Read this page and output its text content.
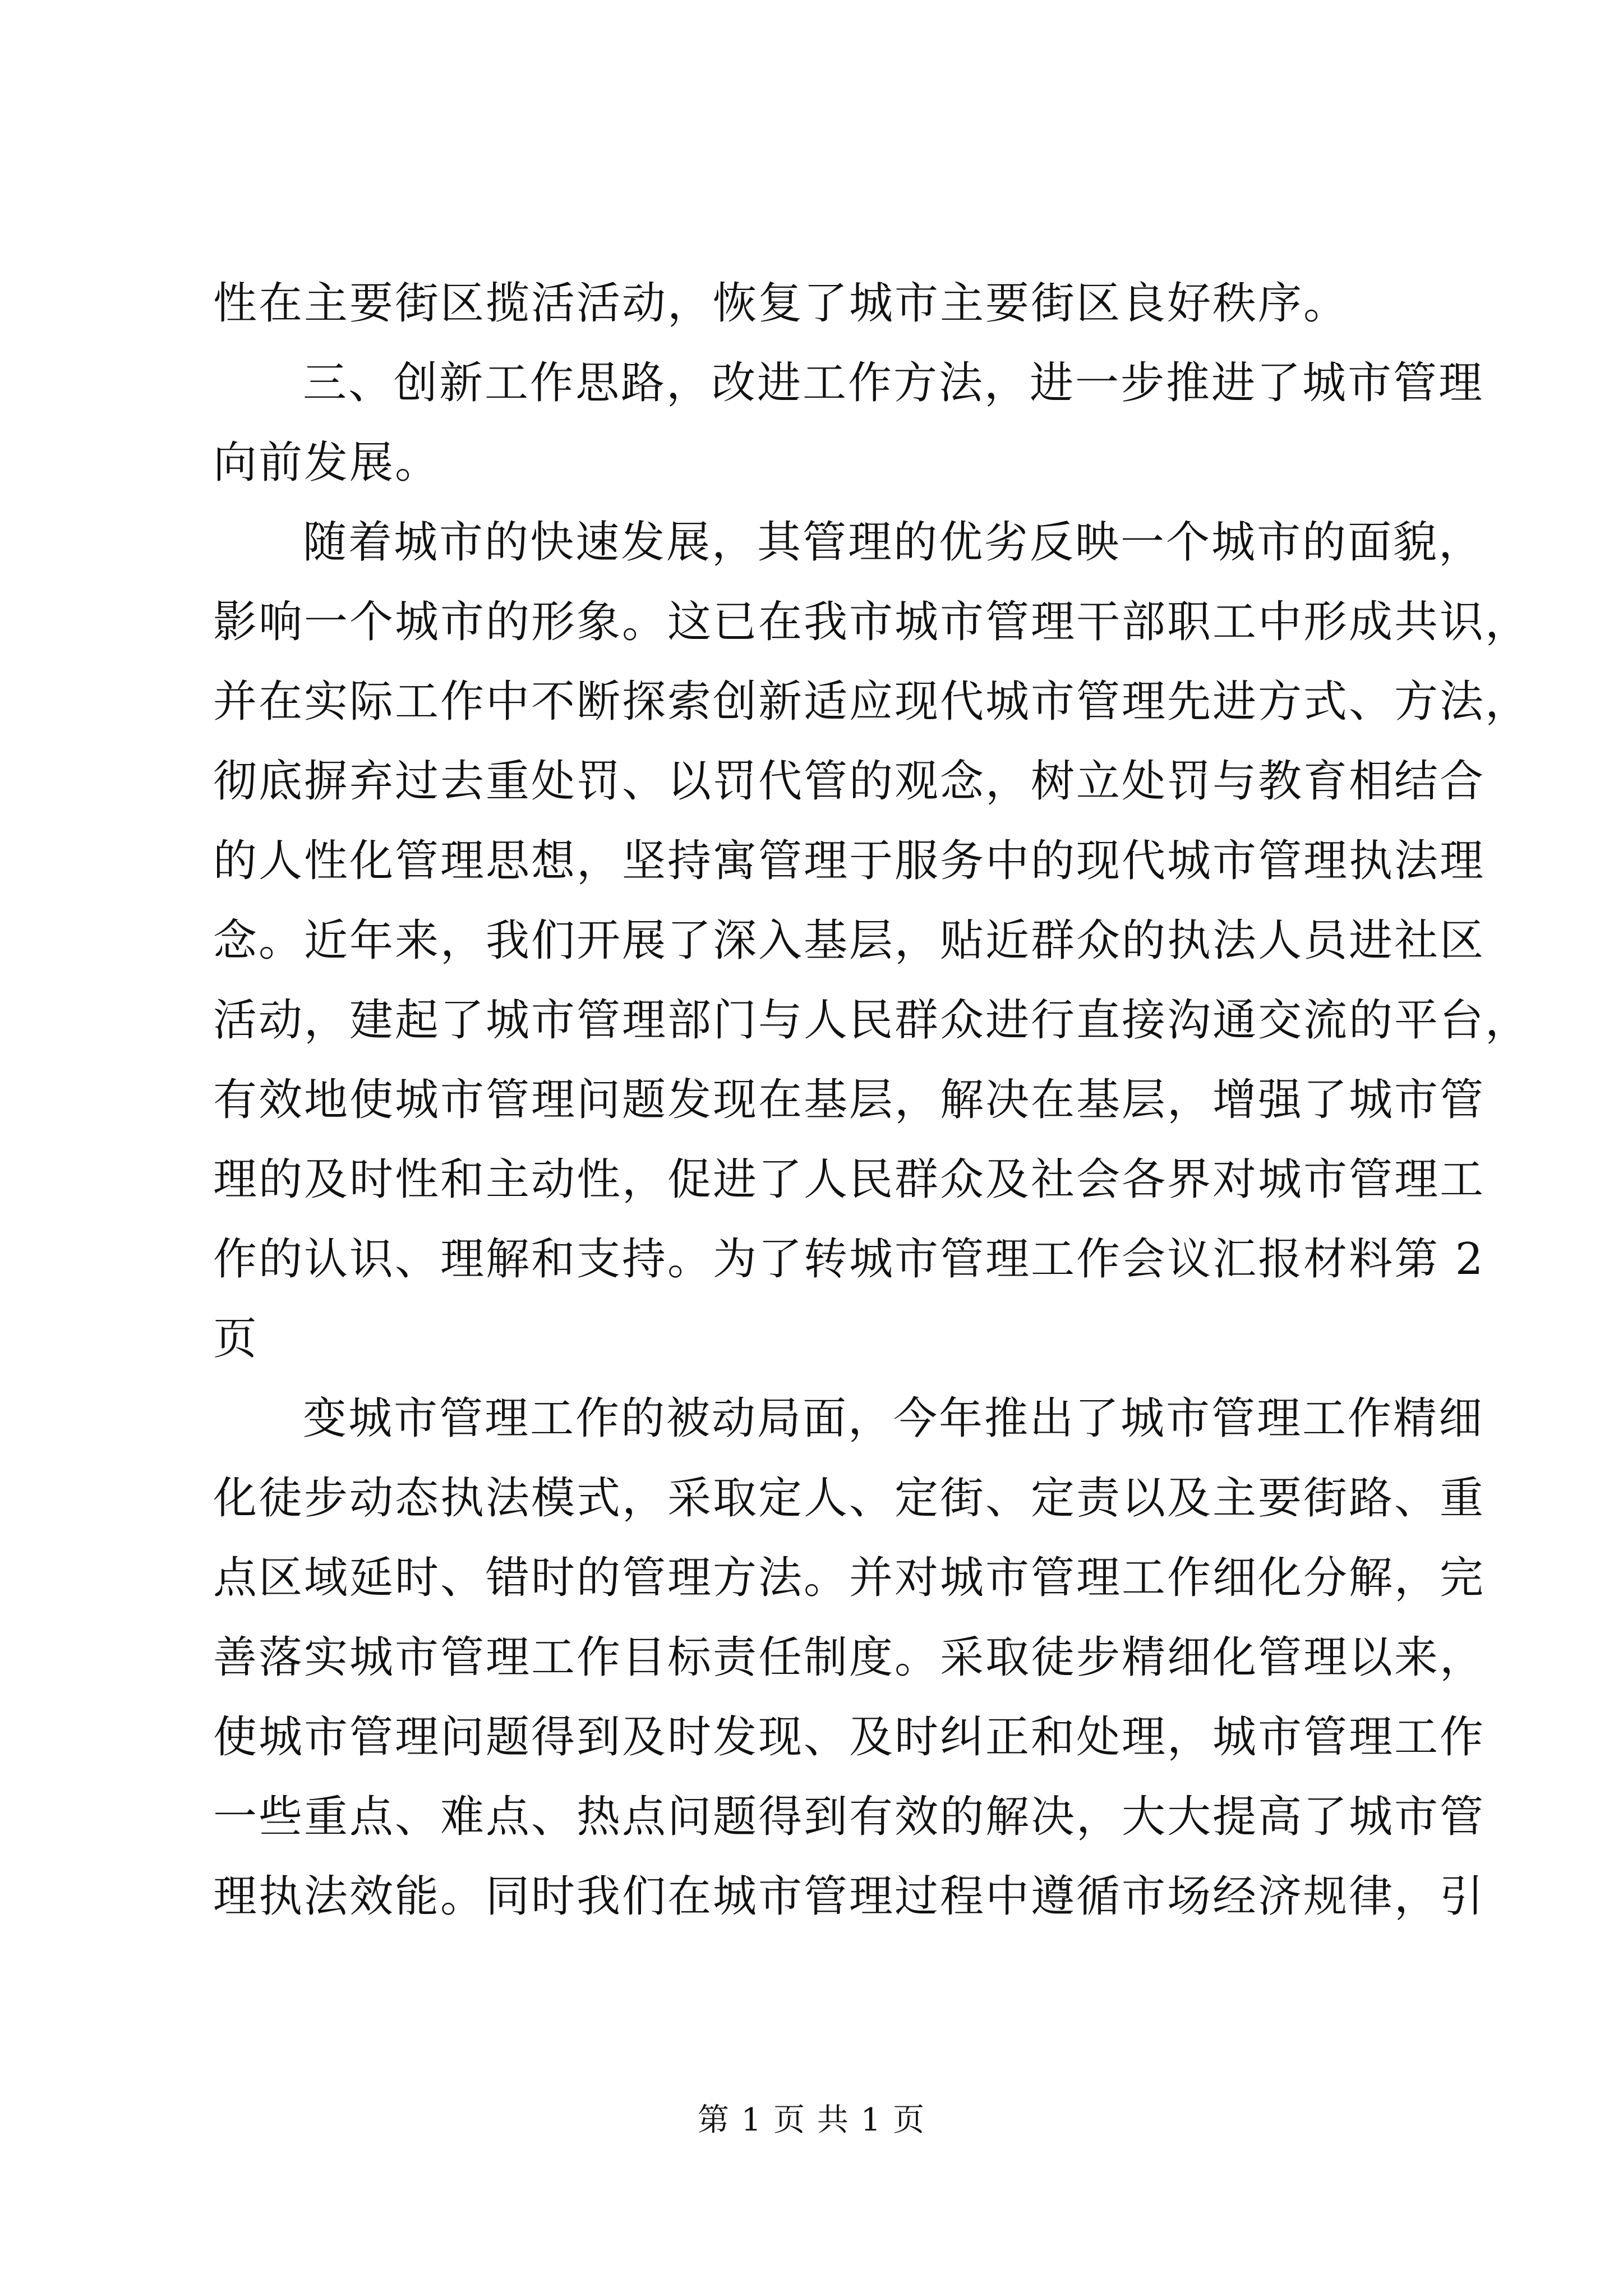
性在主要街区揽活活动，恢复了城市主要街区良好秩序。
三、创新工作思路，改进工作方法，进一步推进了城市管理
向前发展。
随着城市的快速发展，其管理的优劣反映一个城市的面貌，
影响一个城市的形象。这已在我市城市管理干部职工中形成共识，
并在实际工作中不断探索创新适应现代城市管理先进方式、方法，
彻底摒弃过去重处罚、以罚代管的观念，树立处罚与教育相结合
的人性化管理思想，坚持寓管理于服务中的现代城市管理执法理
念。近年来，我们开展了深入基层，贴近群众的执法人员进社区
活动，建起了城市管理部门与人民群众进行直接沟通交流的平台，
有效地使城市管理问题发现在基层，解决在基层，增强了城市管
理的及时性和主动性，促进了人民群众及社会各界对城市管理工
作的认识、理解和支持。为了转城市管理工作会议汇报材料第 2
页
变城市管理工作的被动局面，今年推出了城市管理工作精细
化徒步动态执法模式，采取定人、定街、定责以及主要街路、重
点区域延时、错时的管理方法。并对城市管理工作细化分解，完
善落实城市管理工作目标责任制度。采取徒步精细化管理以来，
使城市管理问题得到及时发现、及时纠正和处理，城市管理工作
一些重点、难点、热点问题得到有效的解决，大大提高了城市管
理执法效能。同时我们在城市管理过程中遵循市场经济规律，引
第 1 页 共 1 页
